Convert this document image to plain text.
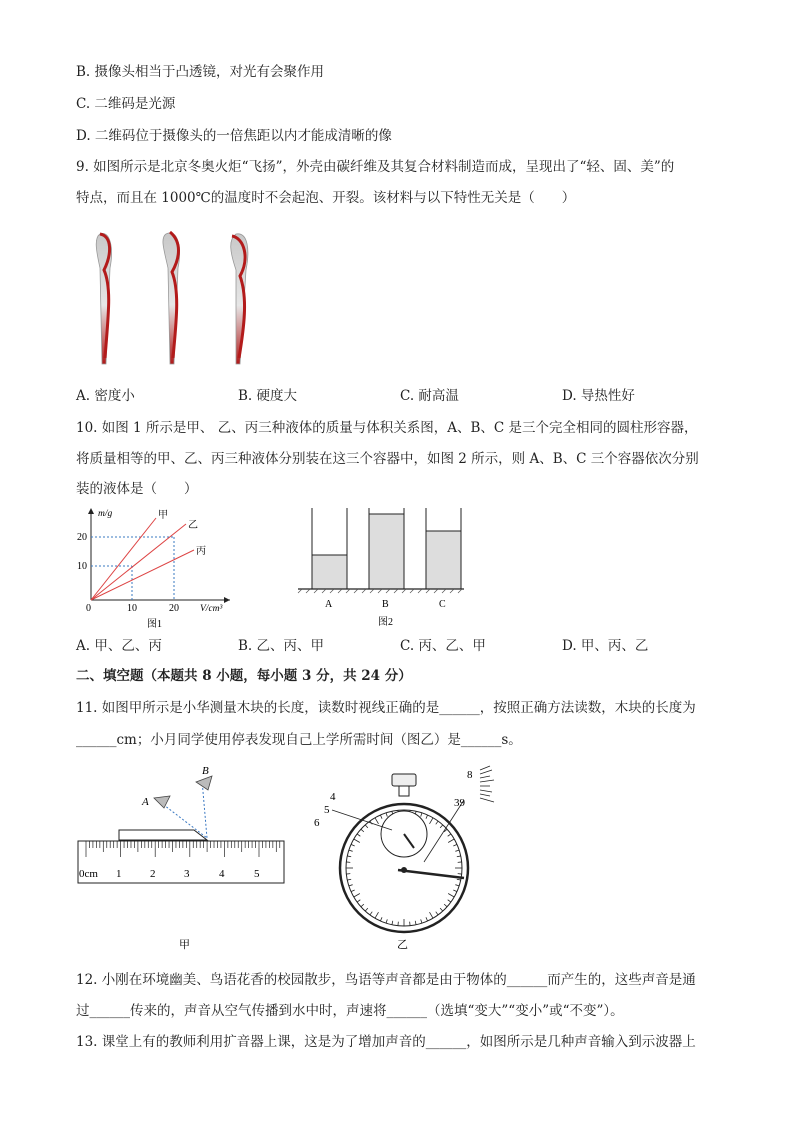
B. 摄像头相当于凸透镜，对光有会聚作用
C. 二维码是光源
D. 二维码位于摄像头的一倍焦距以内才能成清晰的像
9. 如图所示是北京冬奥火炬“飞扬”，外壳由碳纤维及其复合材料制造而成，呈现出了“轻、固、美”的
特点，而且在 1000℃的温度时不会起泡、开裂。该材料与以下特性无关是（　　）
A. 密度小	B. 硬度大	C. 耐高温	D. 导热性好
10. 如图 1 所示是甲、 乙、丙三种液体的质量与体积关系图，A、B、C 是三个完全相同的圆柱形容器，
将质量相等的甲、乙、丙三种液体分别装在这三个容器中，如图 2 所示，则 A、B、C 三个容器依次分别
装的液体是（　　）
甲
乙
丙
m/g
V/cm³
10
20
10	20
0
图1
A	B	C
图2
A. 甲、乙、丙	B. 乙、丙、甲	C. 丙、乙、甲	D. 甲、丙、乙
二、填空题（本题共 8 小题，每小题 3 分，共 24 分）
11. 如图甲所示是小华测量木块的长度，读数时视线正确的是______，按照正确方法读数，木块的长度为
______cm；小月同学使用停表发现自己上学所需时间（图乙）是______s。
B
A
0cm 1	2	3	4	5
甲
8
39
4
5
6
乙
12. 小刚在环境幽美、鸟语花香的校园散步，鸟语等声音都是由于物体的______而产生的，这些声音是通
过______传来的，声音从空气传播到水中时，声速将______（选填“变大”“变小”或“不变”）。
13. 课堂上有的教师利用扩音器上课，这是为了增加声音的______，如图所示是几种声音输入到示波器上
